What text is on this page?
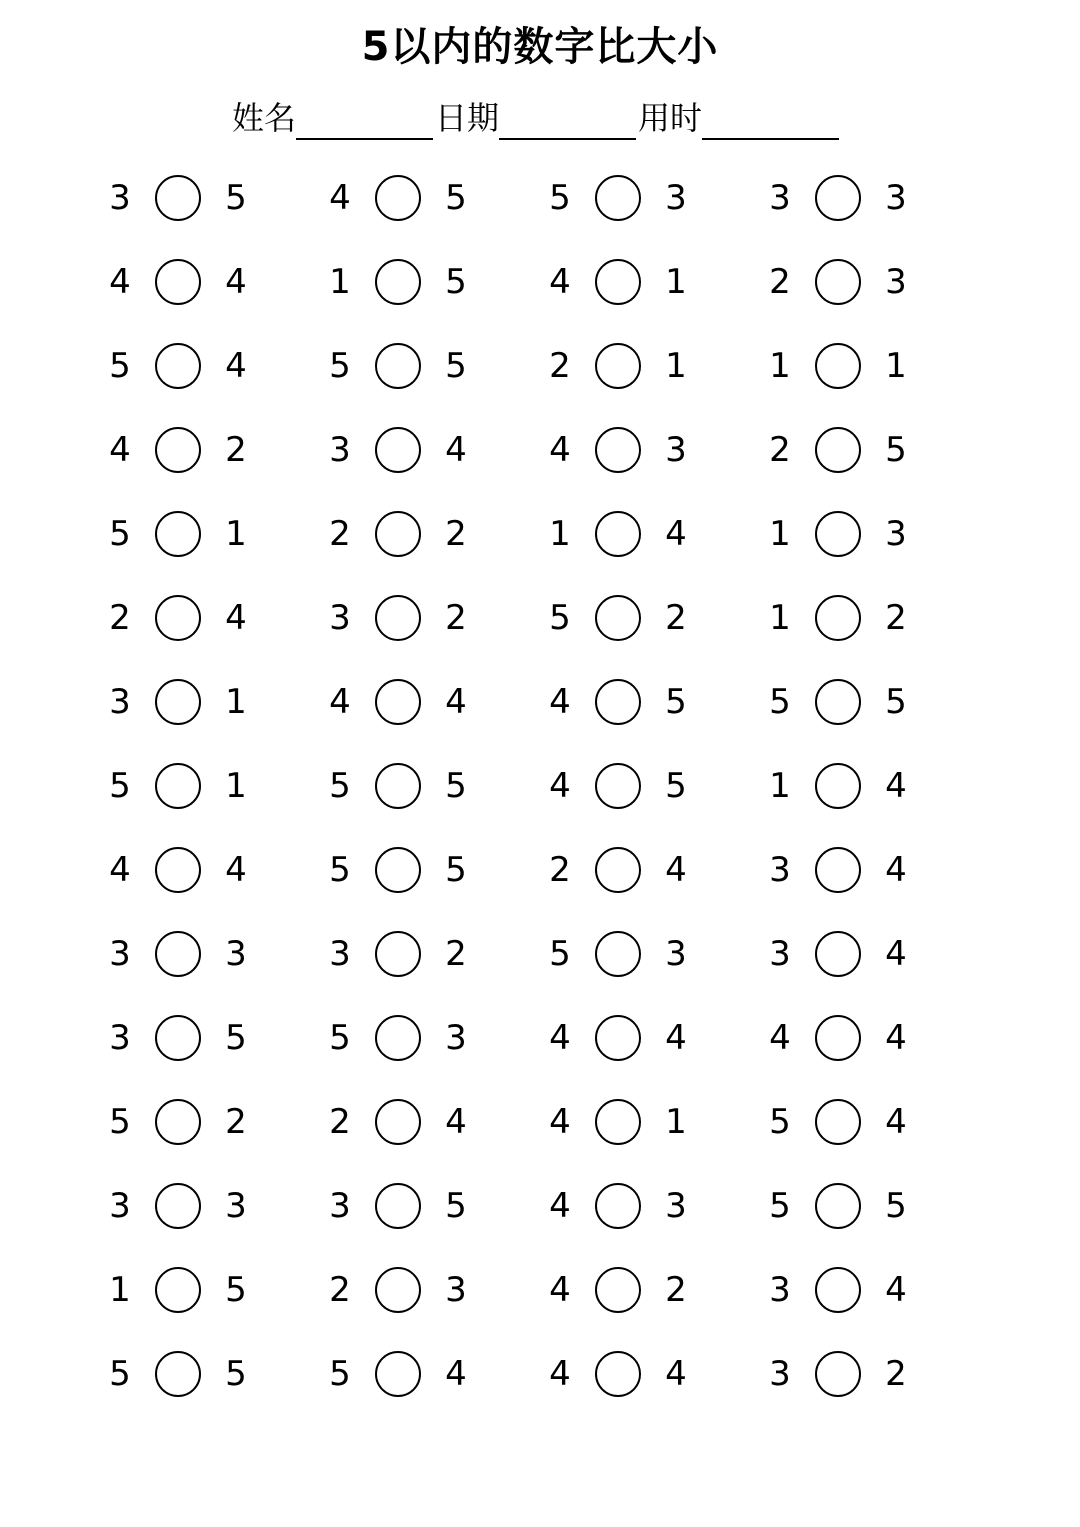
5以内的数字比大小
姓名	日期	用时
3	5 4	5 5	3 3	3
4	4 1	5 4	1 2	3
5	4 5	5 2	1 1	1
4	2 3	4 4	3 2	5
5	1 2	2 1	4 1	3
2	4 3	2 5	2 1	2
3	1 4	4 4	5 5	5
5	1 5	5 4	5 1	4
4	4 5	5 2	4 3	4
3	3 3	2 5	3 3	4
3	5 5	3 4	4 4	4
5	2 2	4 4	1 5	4
3	3 3	5 4	3 5	5
1	5 2	3 4	2 3	4
5	5 5	4 4	4 3	2
